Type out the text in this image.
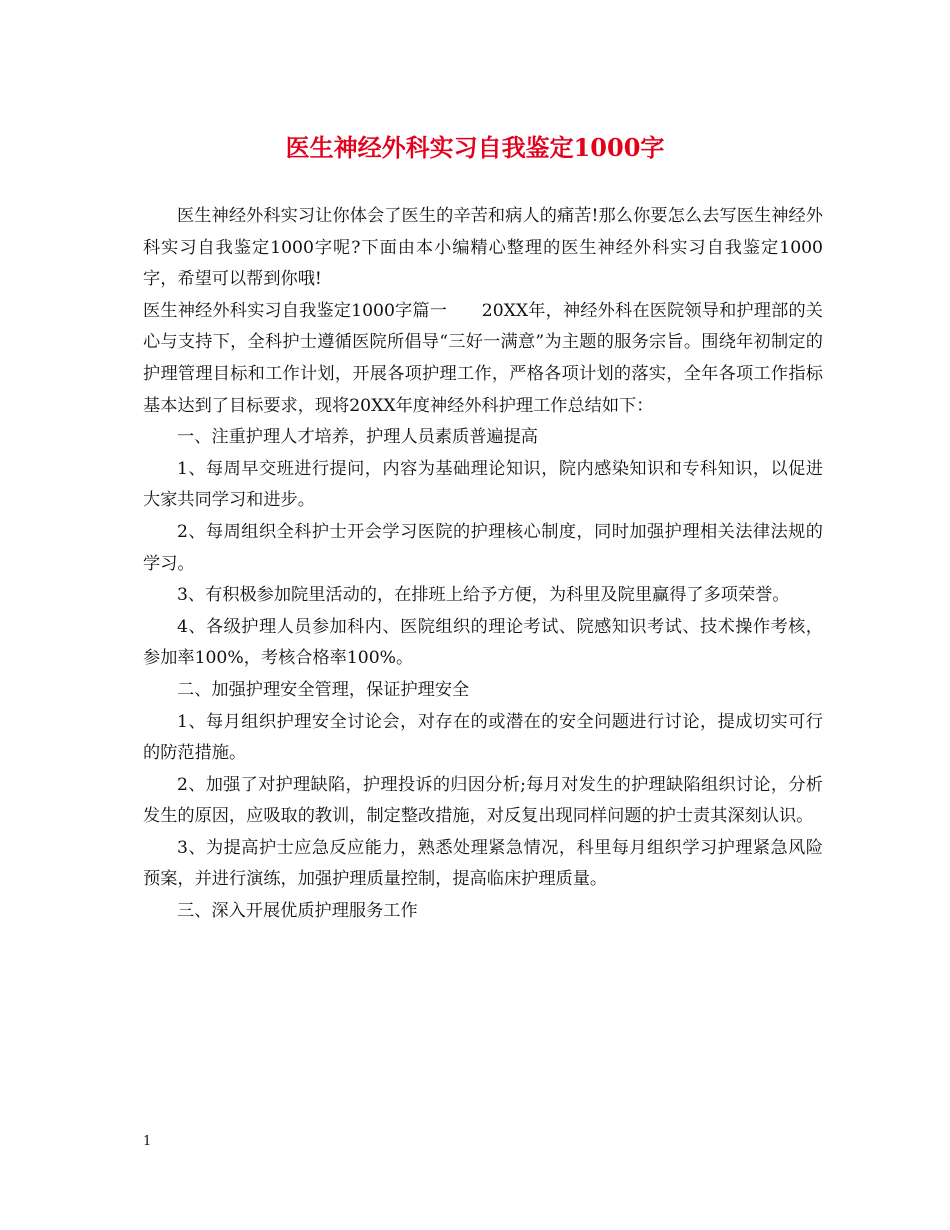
医生神经外科实习自我鉴定1000字

医生神经外科实习让你体会了医生的辛苦和病人的痛苦!那么你要怎么去写医生神经外科实习自我鉴定1000字呢?下面由本小编精心整理的医生神经外科实习自我鉴定1000字，希望可以帮到你哦!

医生神经外科实习自我鉴定1000字篇一　　20XX年，神经外科在医院领导和护理部的关心与支持下，全科护士遵循医院所倡导“三好一满意”为主题的服务宗旨。围绕年初制定的护理管理目标和工作计划，开展各项护理工作，严格各项计划的落实，全年各项工作指标基本达到了目标要求，现将20XX年度神经外科护理工作总结如下：

一、注重护理人才培养，护理人员素质普遍提高

1、每周早交班进行提问，内容为基础理论知识，院内感染知识和专科知识，以促进大家共同学习和进步。

2、每周组织全科护士开会学习医院的护理核心制度，同时加强护理相关法律法规的学习。

3、有积极参加院里活动的，在排班上给予方便，为科里及院里赢得了多项荣誉。

4、各级护理人员参加科内、医院组织的理论考试、院感知识考试、技术操作考核，参加率100%，考核合格率100%。

二、加强护理安全管理，保证护理安全

1、每月组织护理安全讨论会，对存在的或潜在的安全问题进行讨论，提成切实可行的防范措施。

2、加强了对护理缺陷，护理投诉的归因分析;每月对发生的护理缺陷组织讨论，分析发生的原因，应吸取的教训，制定整改措施，对反复出现同样问题的护士责其深刻认识。

3、为提高护士应急反应能力，熟悉处理紧急情况，科里每月组织学习护理紧急风险预案，并进行演练，加强护理质量控制，提高临床护理质量。

三、深入开展优质护理服务工作

1
